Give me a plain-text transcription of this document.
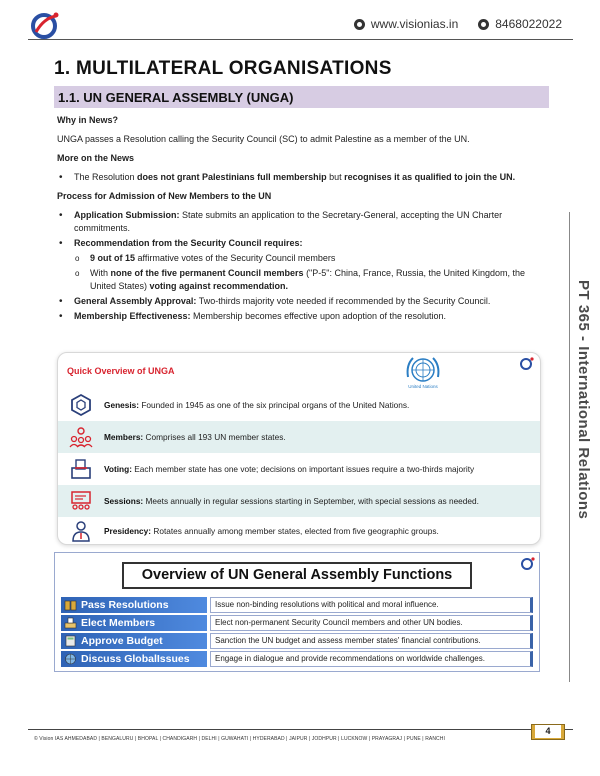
www.visionias.in	8468022022
PT 365 - International Relations
1. MULTILATERAL ORGANISATIONS
1.1. UN GENERAL ASSEMBLY (UNGA)

Why in News?

UNGA passes a Resolution calling the Security Council (SC) to admit Palestine as a member of the UN.

More on the News

• The Resolution does not grant Palestinians full membership but recognises it as qualified to join the UN.

Process for Admission of New Members to the UN

• Application Submission: State submits an application to the Secretary-General, accepting the UN Charter commitments.
• Recommendation from the Security Council requires:
o 9 out of 15 affirmative votes of the Security Council members
o With none of the five permanent Council members ("P-5": China, France, Russia, the United Kingdom, the United States) voting against recommendation.
• General Assembly Approval: Two-thirds majority vote needed if recommended by the Security Council.
• Membership Effectiveness: Membership becomes effective upon adoption of the resolution.
Quick Overview of UNGA
United Nations
Genesis: Founded in 1945 as one of the six principal organs of the United Nations.
Members: Comprises all 193 UN member states.
Voting: Each member state has one vote; decisions on important issues require a two-thirds majority
Sessions: Meets annually in regular sessions starting in September, with special sessions as needed.
Presidency: Rotates annually among member states, elected from five geographic groups.
Overview of UN General Assembly Functions
Pass Resolutions	Issue non-binding resolutions with political and moral influence.
Elect Members	Elect non-permanent Security Council members and other UN bodies.
Approve Budget	Sanction the UN budget and assess member states' financial contributions.
Discuss GlobalIssues	Engage in dialogue and provide recommendations on worldwide challenges.
© Vision IAS AHMEDABAD | BENGALURU | BHOPAL | CHANDIGARH | DELHI | GUWAHATI | HYDERABAD | JAIPUR | JODHPUR | LUCKNOW | PRAYAGRAJ | PUNE | RANCHI
4
